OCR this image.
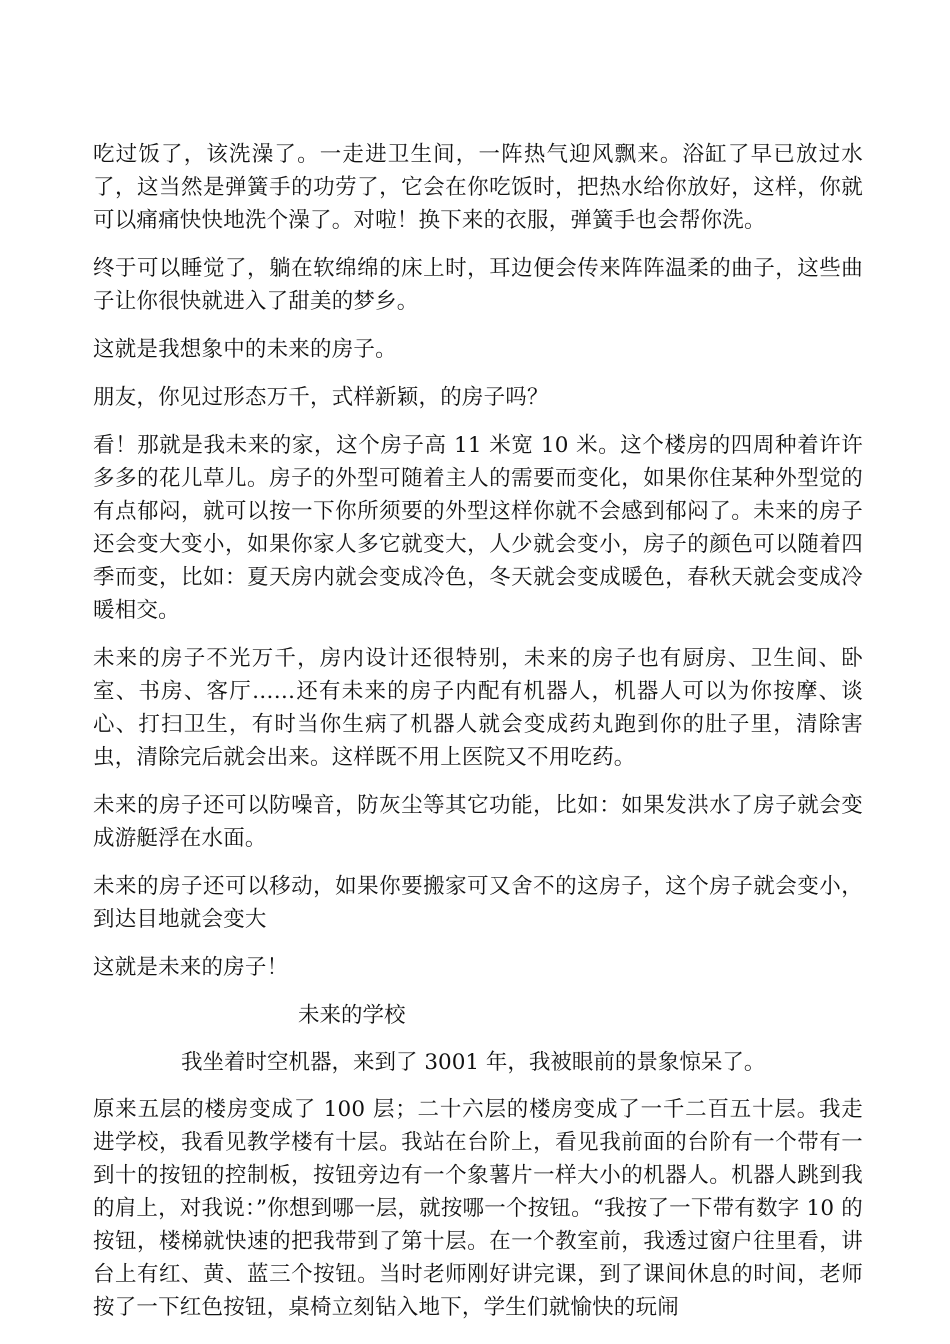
吃过饭了，该洗澡了。一走进卫生间，一阵热气迎风飘来。浴缸了早已放过水了，这当然是弹簧手的功劳了，它会在你吃饭时，把热水给你放好，这样，你就可以痛痛快快地洗个澡了。对啦！换下来的衣服，弹簧手也会帮你洗。

终于可以睡觉了，躺在软绵绵的床上时，耳边便会传来阵阵温柔的曲子，这些曲子让你很快就进入了甜美的梦乡。

这就是我想象中的未来的房子。

朋友，你见过形态万千，式样新颖，的房子吗？

看！那就是我未来的家，这个房子高 11 米宽 10 米。这个楼房的四周种着许许多多的花儿草儿。房子的外型可随着主人的需要而变化，如果你住某种外型觉的有点郁闷，就可以按一下你所须要的外型这样你就不会感到郁闷了。未来的房子还会变大变小，如果你家人多它就变大，人少就会变小，房子的颜色可以随着四季而变，比如：夏天房内就会变成冷色，冬天就会变成暖色，春秋天就会变成冷暖相交。

未来的房子不光万千，房内设计还很特别，未来的房子也有厨房、卫生间、卧室、书房、客厅……还有未来的房子内配有机器人，机器人可以为你按摩、谈心、打扫卫生，有时当你生病了机器人就会变成药丸跑到你的肚子里，清除害虫，清除完后就会出来。这样既不用上医院又不用吃药。

未来的房子还可以防噪音，防灰尘等其它功能，比如：如果发洪水了房子就会变成游艇浮在水面。

未来的房子还可以移动，如果你要搬家可又舍不的这房子，这个房子就会变小，到达目地就会变大

这就是未来的房子！

未来的学校

我坐着时空机器，来到了 3001 年，我被眼前的景象惊呆了。

原来五层的楼房变成了 100 层；二十六层的楼房变成了一千二百五十层。我走进学校，我看见教学楼有十层。我站在台阶上，看见我前面的台阶有一个带有一到十的按钮的控制板，按钮旁边有一个象薯片一样大小的机器人。机器人跳到我的肩上，对我说：”你想到哪一层，就按哪一个按钮。“我按了一下带有数字 10 的按钮，楼梯就快速的把我带到了第十层。在一个教室前，我透过窗户往里看，讲台上有红、黄、蓝三个按钮。当时老师刚好讲完课，到了课间休息的时间，老师按了一下红色按钮，桌椅立刻钻入地下，学生们就愉快的玩闹
